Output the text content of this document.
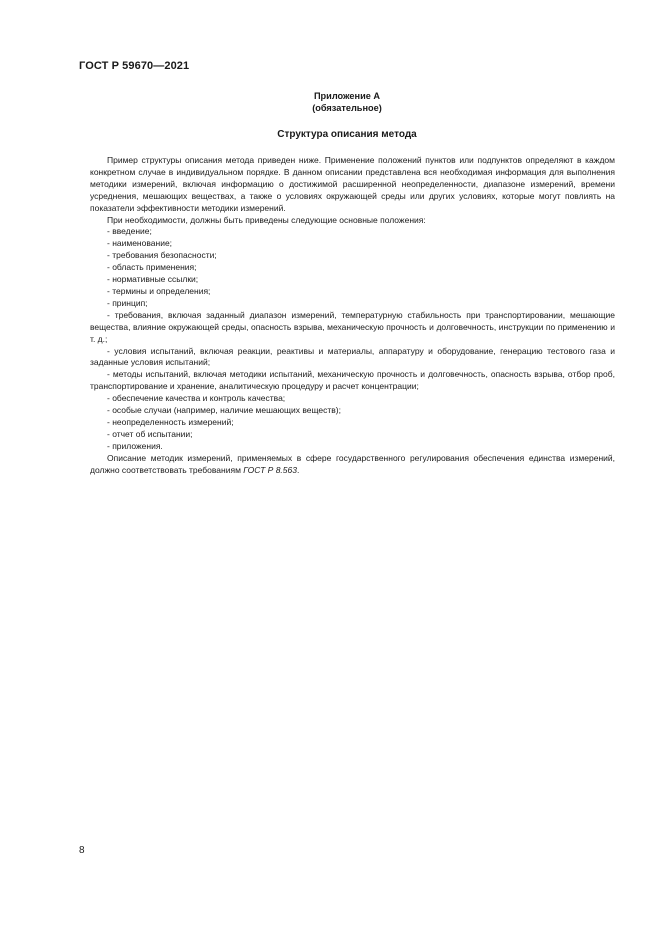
ГОСТ Р 59670—2021
Приложение А
(обязательное)
Структура описания метода

Пример структуры описания метода приведен ниже. Применение положений пунктов или подпунктов определяют в каждом конкретном случае в индивидуальном порядке. В данном описании представлена вся необходимая информация для выполнения методики измерений, включая информацию о достижимой расширенной неопределенности, диапазоне измерений, времени усреднения, мешающих веществах, а также о условиях окружающей среды или других условиях, которые могут повлиять на показатели эффективности методики измерений.

При необходимости, должны быть приведены следующие основные положения:

- введение;
- наименование;
- требования безопасности;
- область применения;
- нормативные ссылки;
- термины и определения;
- принцип;
- требования, включая заданный диапазон измерений, температурную стабильность при транспортировании, мешающие вещества, влияние окружающей среды, опасность взрыва, механическую прочность и долговечность, инструкции по применению и т. д.;
- условия испытаний, включая реакции, реактивы и материалы, аппаратуру и оборудование, генерацию тестового газа и заданные условия испытаний;
- методы испытаний, включая методики испытаний, механическую прочность и долговечность, опасность взрыва, отбор проб, транспортирование и хранение, аналитическую процедуру и расчет концентрации;
- обеспечение качества и контроль качества;
- особые случаи (например, наличие мешающих веществ);
- неопределенность измерений;
- отчет об испытании;
- приложения.

Описание методик измерений, применяемых в сфере государственного регулирования обеспечения единства измерений, должно соответствовать требованиям ГОСТ Р 8.563.

8
